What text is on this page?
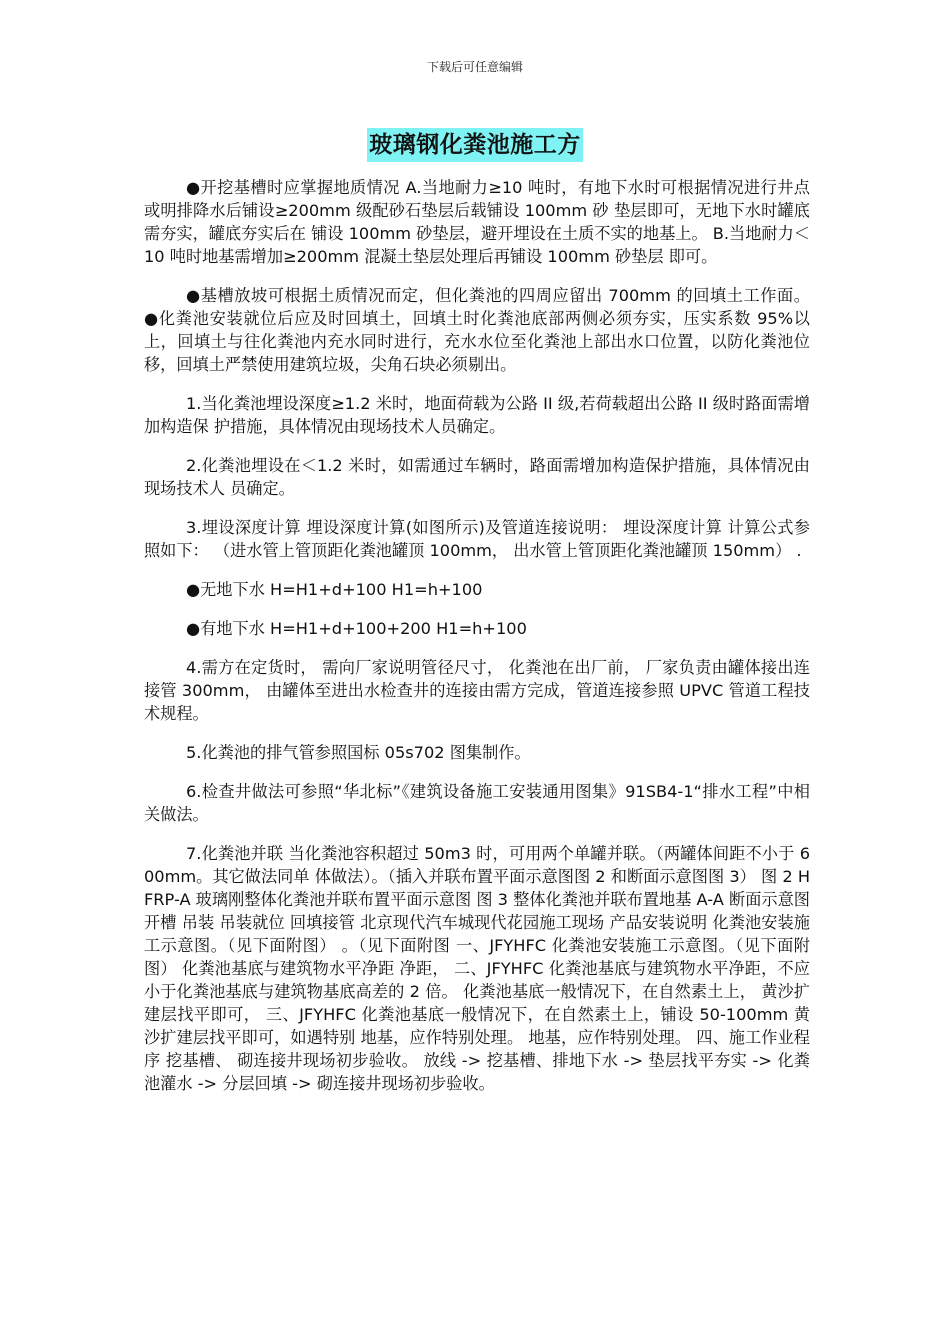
下载后可任意编辑
玻璃钢化粪池施工方

●开挖基槽时应掌握地质情况 A.当地耐力≥10 吨时，有地下水时可根据情况进行井点或明排降水后铺设≥200mm 级配砂石垫层后载铺设 100mm 砂 垫层即可，无地下水时罐底需夯实，罐底夯实后在 铺设 100mm 砂垫层，避开埋设在土质不实的地基上。 B.当地耐力＜10 吨时地基需增加≥200mm 混凝土垫层处理后再铺设 100mm 砂垫层 即可。

●基槽放坡可根据土质情况而定，但化粪池的四周应留出 700mm 的回填土工作面。 ●化粪池安装就位后应及时回填土，回填土时化粪池底部两侧必须夯实，压实系数 95%以 上，回填土与往化粪池内充水同时进行，充水水位至化粪池上部出水口位置，以防化粪池位 移，回填土严禁使用建筑垃圾，尖角石块必须剔出。

1.当化粪池埋设深度≥1.2 米时，地面荷载为公路 II 级,若荷载超出公路 II 级时路面需增加构造保 护措施，具体情况由现场技术人员确定。

2.化粪池埋设在＜1.2 米时，如需通过车辆时，路面需增加构造保护措施，具体情况由现场技术人 员确定。

3.埋设深度计算 埋设深度计算(如图所示)及管道连接说明： 埋设深度计算 计算公式参照如下： （进水管上管顶距化粪池罐顶 100mm， 出水管上管顶距化粪池罐顶 150mm） .

●无地下水 H=H1+d+100 H1=h+100

●有地下水 H=H1+d+100+200 H1=h+100

4.需方在定货时， 需向厂家说明管径尺寸， 化粪池在出厂前， 厂家负责由罐体接出连接管 300mm， 由罐体至进出水检查井的连接由需方完成，管道连接参照 UPVC 管道工程技术规程。

5.化粪池的排气管参照国标 05s702 图集制作。

6.检查井做法可参照“华北标”《建筑设备施工安装通用图集》91SB4-1“排水工程”中相关做法。

7.化粪池并联 当化粪池容积超过 50m3 时，可用两个单罐并联。（两罐体间距不小于 600mm。其它做法同单 体做法）。（插入并联布置平面示意图图 2 和断面示意图图 3） 图 2 HFRP-A 玻璃刚整体化粪池并联布置平面示意图 图 3 整体化粪池并联布置地基 A-A 断面示意图 开槽 吊装 吊装就位 回填接管 北京现代汽车城现代花园施工现场 产品安装说明 化粪池安装施工示意图。（见下面附图） 。（见下面附图 一、JFYHFC 化粪池安装施工示意图。（见下面附图） 化粪池基底与建筑物水平净距 净距， 二、JFYHFC 化粪池基底与建筑物水平净距，不应小于化粪池基底与建筑物基底高差的 2 倍。 化粪池基底一般情况下，在自然素土上， 黄沙扩建层找平即可， 三、JFYHFC 化粪池基底一般情况下，在自然素土上，铺设 50-100mm 黄沙扩建层找平即可，如遇特别 地基，应作特别处理。 地基，应作特别处理。 四、施工作业程序 挖基槽、 砌连接井现场初步验收。 放线 -> 挖基槽、排地下水 -> 垫层找平夯实 -> 化粪池灌水 -> 分层回填 -> 砌连接井现场初步验收。
